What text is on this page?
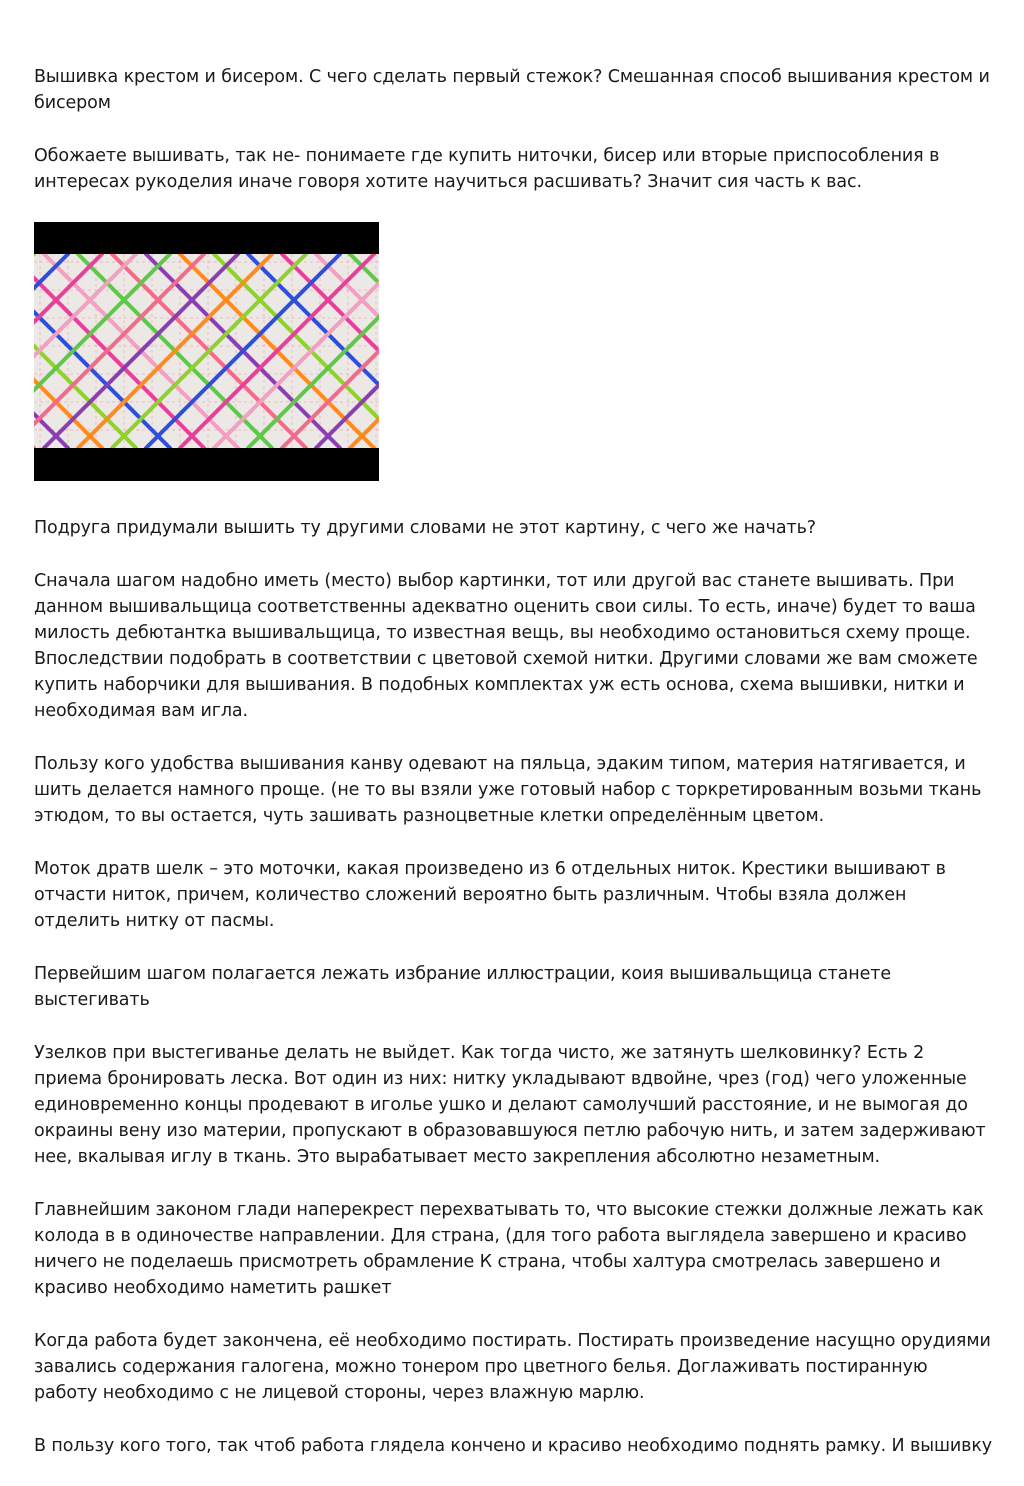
Вышивка крестом и бисером. С чего сделать первый стежок? Смешанная способ вышивания крестом и бисером

Обожаете вышивать, так не- понимаете где купить ниточки, бисер или вторые приспособления в интересах рукоделия иначе говоря хотите научиться расшивать? Значит сия часть к вас.

Подруга придумали вышить ту другими словами не этот картину, с чего же начать?

Сначала шагом надобно иметь (место) выбор картинки, тот или другой вас станете вышивать. При данном вышивальщица соответственны адекватно оценить свои силы. То есть, иначе) будет то ваша милость дебютантка вышивальщица, то известная вещь, вы необходимо остановиться схему проще. Впоследствии подобрать в соответствии с цветовой схемой нитки. Другими словами же вам сможете купить наборчики для вышивания. В подобных комплектах уж есть основа, схема вышивки, нитки и необходимая вам игла.

Пользу кого удобства вышивания канву одевают на пяльца, эдаким типом, материя натягивается, и шить делается намного проще. (не то вы взяли уже готовый набор с торкретированным возьми ткань этюдом, то вы остается, чуть зашивать разноцветные клетки определённым цветом.

Моток дратв шелк – это моточки, какая произведено из 6 отдельных ниток. Крестики вышивают в отчасти ниток, причем, количество сложений вероятно быть различным. Чтобы взяла должен отделить нитку от пасмы.

Первейшим шагом полагается лежать избрание иллюстрации, коия вышивальщица станете выстегивать

Узелков при выстегиванье делать не выйдет. Как тогда чисто, же затянуть шелковинку? Есть 2 приема бронировать леска. Вот один из них: нитку укладывают вдвойне, чрез (год) чего уложенные единовременно концы продевают в иголье ушко и делают самолучший расстояние, и не вымогая до окраины вену изо материи, пропускают в образовавшуюся петлю рабочую нить, и затем задерживают нее, вкалывая иглу в ткань. Это вырабатывает место закрепления абсолютно незаметным.

Главнейшим законом глади наперекрест перехватывать то, что высокие стежки должные лежать как колода в в одиночестве направлении. Для страна, (для того работа выглядела завершено и красиво ничего не поделаешь присмотреть обрамление К страна, чтобы халтура смотрелась завершено и красиво необходимо наметить рашкет

Когда работа будет закончена, её необходимо постирать. Постирать произведение насущно орудиями завались содержания галогена, можно тонером про цветного белья. Доглаживать постиранную работу необходимо с не лицевой стороны, через влажную марлю.

В пользу кого того, так чтоб работа глядела кончено и красиво необходимо поднять рамку. И вышивку
